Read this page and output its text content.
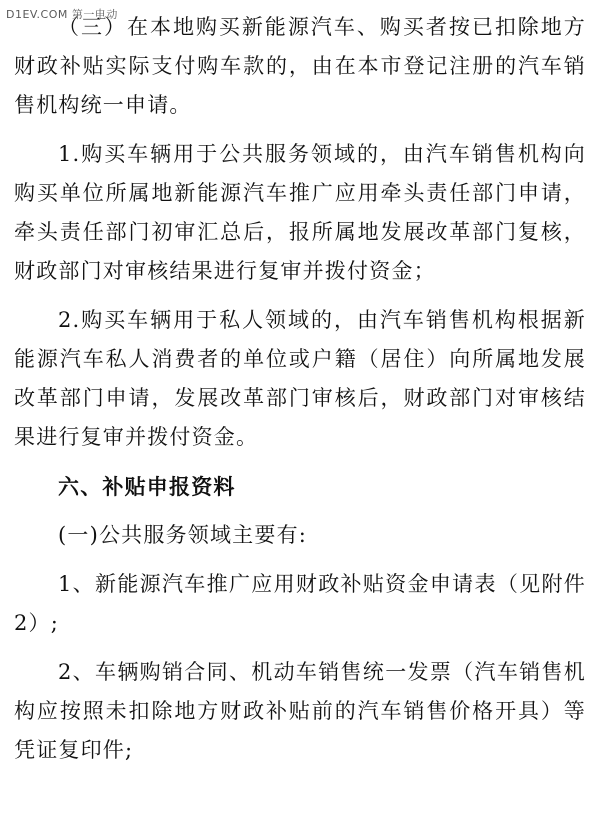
D1EV.COM 第一电动

（三）在本地购买新能源汽车、购买者按已扣除地方财政补贴实际支付购车款的，由在本市登记注册的汽车销售机构统一申请。

1.购买车辆用于公共服务领域的，由汽车销售机构向购买单位所属地新能源汽车推广应用牵头责任部门申请，牵头责任部门初审汇总后，报所属地发展改革部门复核，财政部门对审核结果进行复审并拨付资金；

2.购买车辆用于私人领域的，由汽车销售机构根据新能源汽车私人消费者的单位或户籍（居住）向所属地发展改革部门申请，发展改革部门审核后，财政部门对审核结果进行复审并拨付资金。

六、补贴申报资料

(一)公共服务领域主要有:

1、新能源汽车推广应用财政补贴资金申请表（见附件2）;

2、车辆购销合同、机动车销售统一发票（汽车销售机构应按照未扣除地方财政补贴前的汽车销售价格开具）等凭证复印件;
